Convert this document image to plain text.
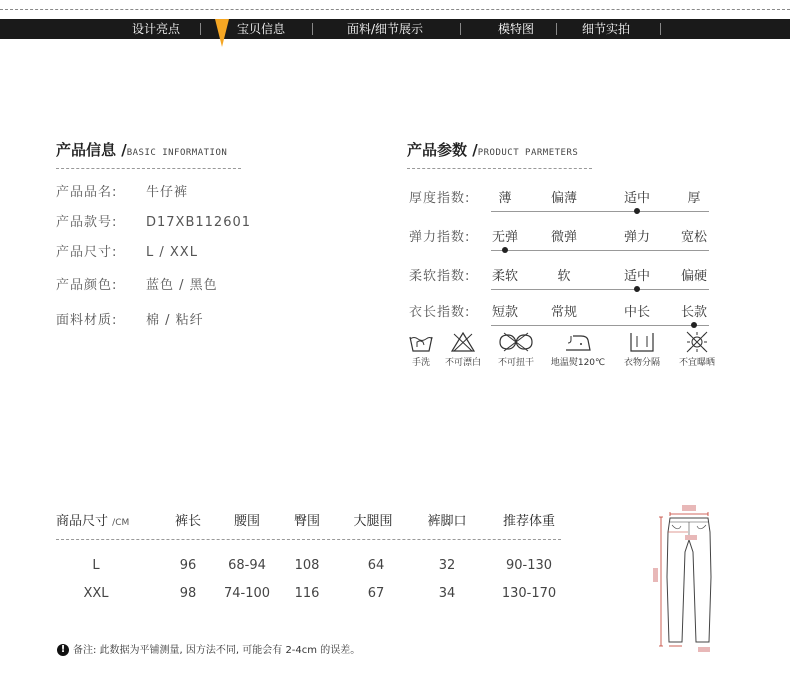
设计亮点	宝贝信息	面料/细节展示	模特图	细节实拍
产品信息 /BASIC INFORMATION
产品品名: 牛仔裤
产品款号: D17XB112601
产品尺寸: L / XXL
产品颜色: 蓝色 / 黑色
面料材质: 棉 / 粘纤
产品参数 /PRODUCT PARMETERS
厚度指数: 薄	偏薄	适中	厚
弹力指数: 无弹	微弹	弹力 宽松
柔软指数: 柔软	软	适中 偏硬
衣长指数: 短款	常规	中长 长款
手洗	不可漂白	不可扭干	地温熨120℃	衣物分隔	不宜曝晒
商品尺寸 /CM	裤长	腰围	臀围	大腿围	裤脚口	推荐体重
L	96 68-94 108	64	32	90-130
XXL	98 74-100 116	67	34	130-170
! 备注: 此数据为平铺测量, 因方法不同, 可能会有 2-4cm 的误差。
